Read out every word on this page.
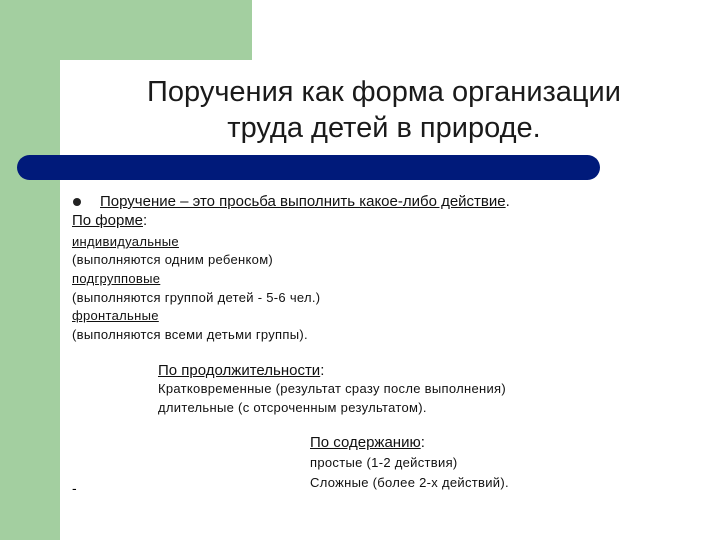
Поручения как форма организации
труда детей в природе.
Поручение – это просьба выполнить какое-либо действие.
По форме:
индивидуальные
(выполняются одним ребенком)
подгрупповые
(выполняются группой детей - 5-6 чел.)
фронтальные
(выполняются всеми детьми группы).
По продолжительности:
Кратковременные (результат сразу после выполнения)
длительные (с отсроченным результатом).
По содержанию:
простые (1-2 действия)
Сложные (более 2-х действий).
-
